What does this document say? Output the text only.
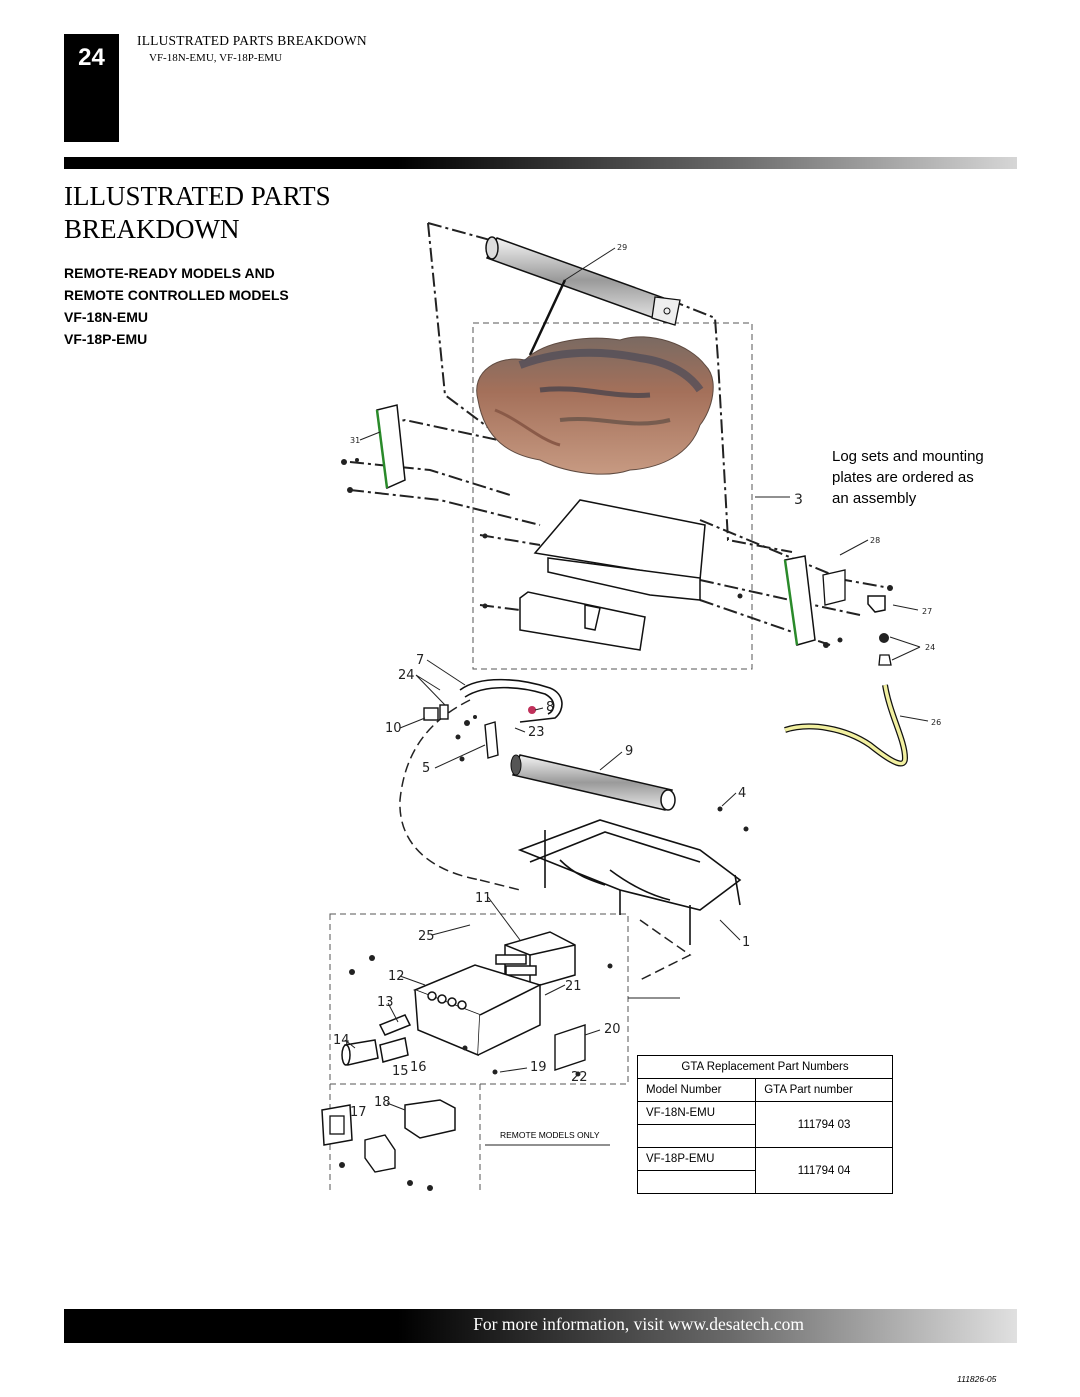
24
ILLUSTRATED PARTS BREAKDOWN
VF-18N-EMU, VF-18P-EMU
ILLUSTRATED PARTS BREAKDOWN
REMOTE-READY MODELS AND
REMOTE CONTROLLED MODELS
VF-18N-EMU
VF-18P-EMU
29
31
3
28
27
24
26
7
24
8
10	23
9
5
4
11
1
25
12
21
13
20
14
15 16	19
22
17
18
Log sets and mounting plates are ordered as an assembly
REMOTE MODELS ONLY
GTA Replacement Part Numbers	
Model Number	GTA Part number
VF-18N-EMU	111794 03

VF-18P-EMU	111794 04

For more information, visit www.desatech.com
111826-05
